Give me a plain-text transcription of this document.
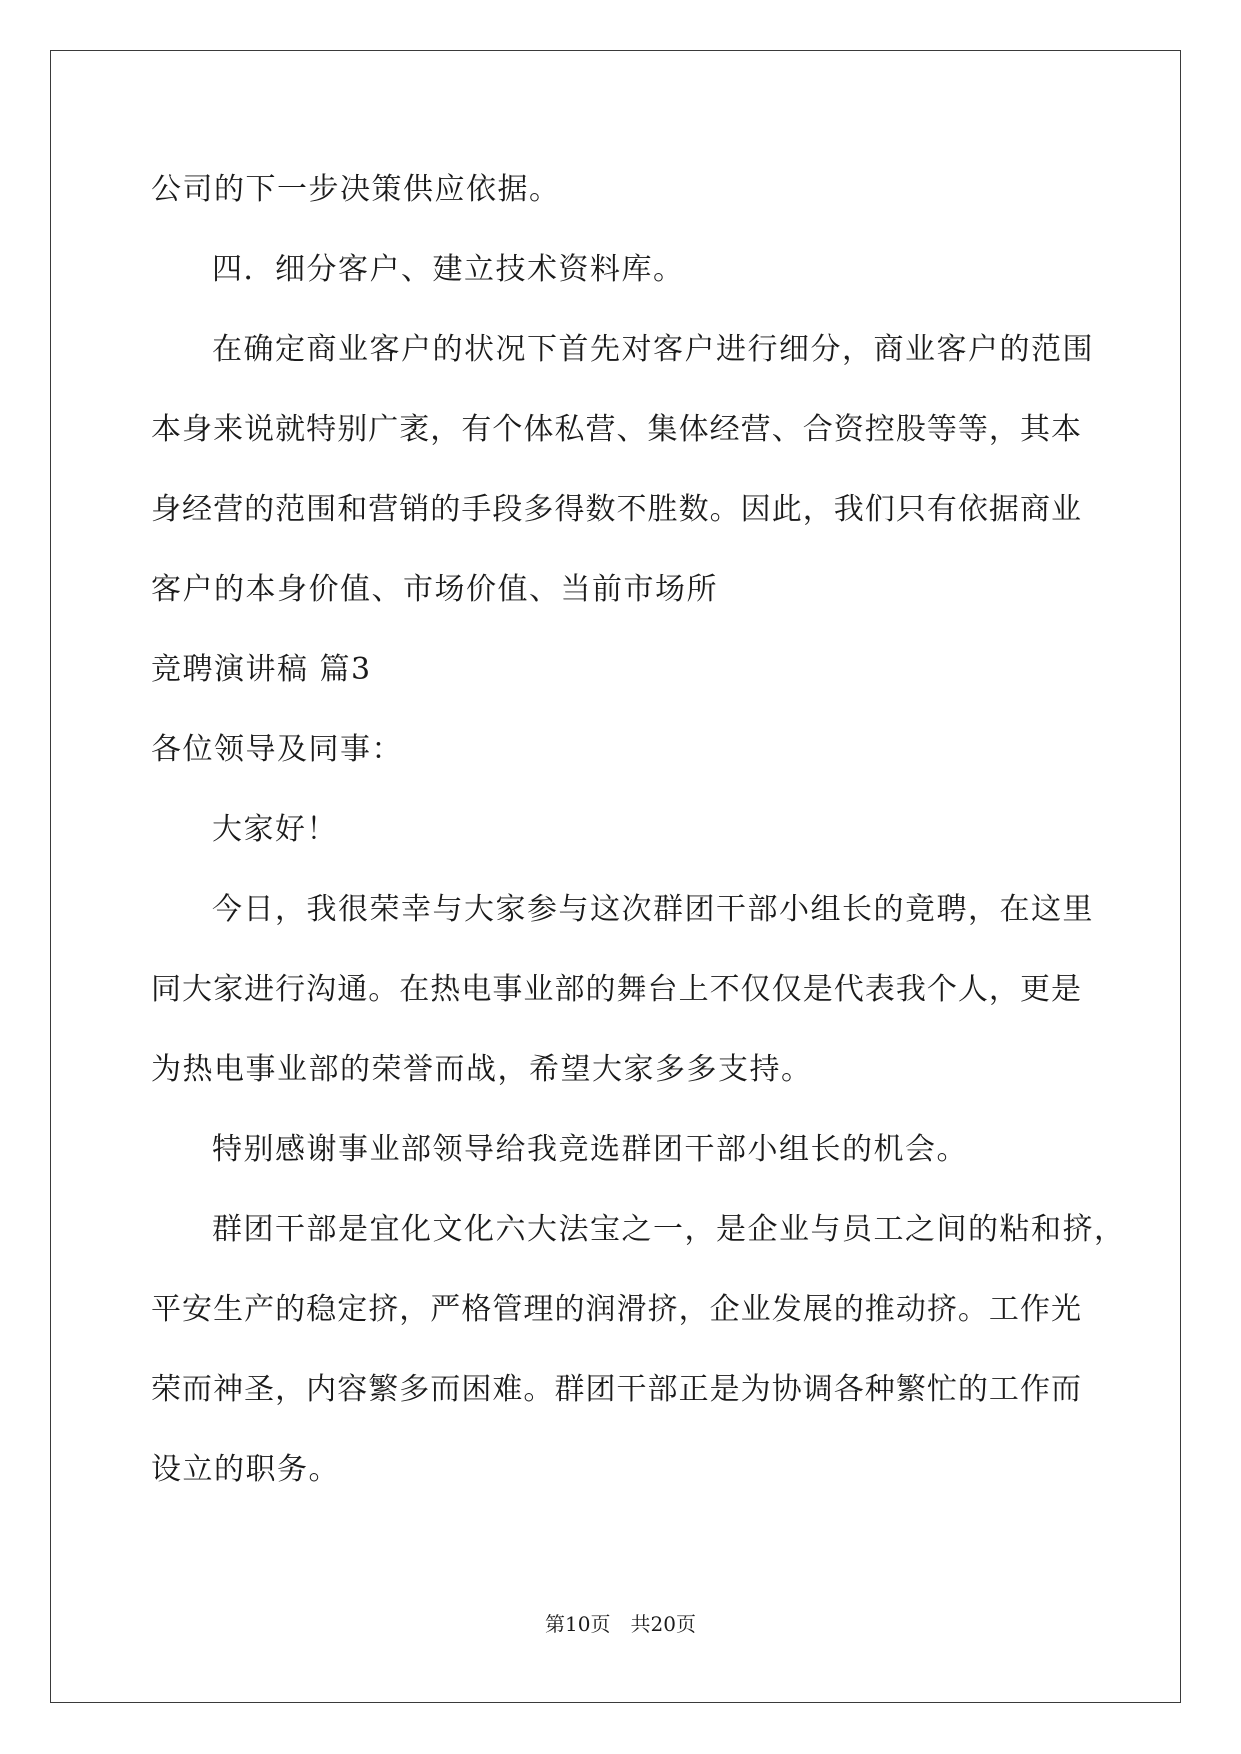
公司的下一步决策供应依据。
四．细分客户、建立技术资料库。
在确定商业客户的状况下首先对客户进行细分，商业客户的范围
本身来说就特别广袤，有个体私营、集体经营、合资控股等等，其本
身经营的范围和营销的手段多得数不胜数。因此，我们只有依据商业
客户的本身价值、市场价值、当前市场所
竞聘演讲稿 篇3
各位领导及同事：
大家好！
今日，我很荣幸与大家参与这次群团干部小组长的竟聘，在这里
同大家进行沟通。在热电事业部的舞台上不仅仅是代表我个人，更是
为热电事业部的荣誉而战，希望大家多多支持。
特别感谢事业部领导给我竞选群团干部小组长的机会。
群团干部是宜化文化六大法宝之一，是企业与员工之间的粘和挤，
平安生产的稳定挤，严格管理的润滑挤，企业发展的推动挤。工作光
荣而神圣，内容繁多而困难。群团干部正是为协调各种繁忙的工作而
设立的职务。
第10页 共20页
